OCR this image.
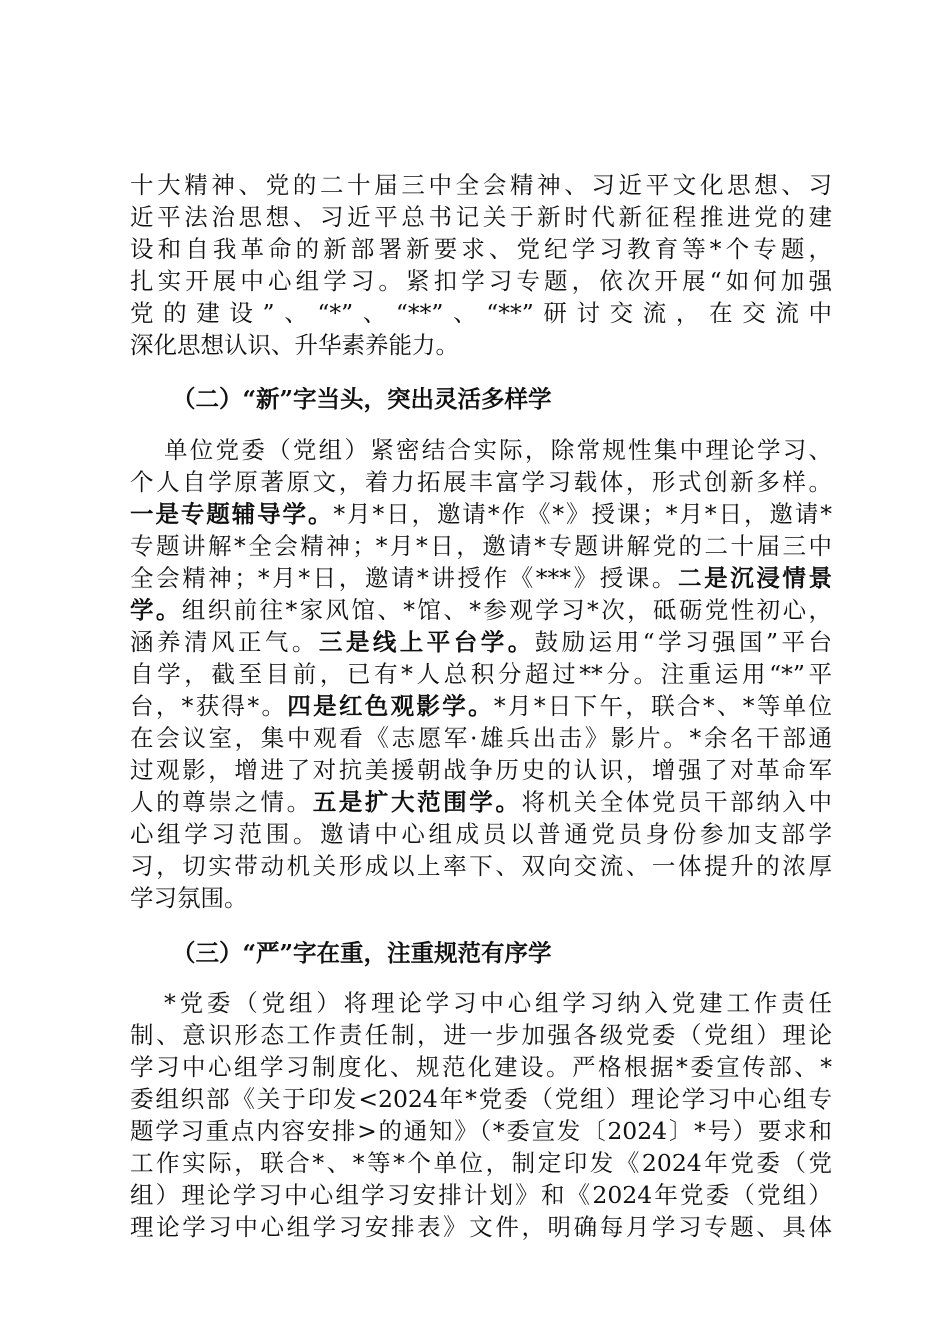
十大精神、党的二十届三中全会精神、习近平文化思想、习
近平法治思想、习近平总书记关于新时代新征程推进党的建
设和自我革命的新部署新要求、党纪学习教育等*个专题，
扎实开展中心组学习。紧扣学习专题，依次开展“如何加强
党的建设”、“*”、“**”、“**”研讨交流，在交流中
深化思想认识、升华素养能力。
（二）“新”字当头，突出灵活多样学
单位党委（党组）紧密结合实际，除常规性集中理论学习、
个人自学原著原文，着力拓展丰富学习载体，形式创新多样。
一是专题辅导学。*月*日，邀请*作《*》授课；*月*日，邀请*
专题讲解*全会精神；*月*日，邀请*专题讲解党的二十届三中
全会精神；*月*日，邀请*讲授作《***》授课。二是沉浸情景
学。组织前往*家风馆、*馆、*参观学习*次，砥砺党性初心，
涵养清风正气。三是线上平台学。鼓励运用“学习强国”平台
自学，截至目前，已有*人总积分超过**分。注重运用“*”平
台，*获得*。四是红色观影学。*月*日下午，联合*、*等单位
在会议室，集中观看《志愿军·雄兵出击》影片。*余名干部通
过观影，增进了对抗美援朝战争历史的认识，增强了对革命军
人的尊崇之情。五是扩大范围学。将机关全体党员干部纳入中
心组学习范围。邀请中心组成员以普通党员身份参加支部学
习，切实带动机关形成以上率下、双向交流、一体提升的浓厚
学习氛围。
（三）“严”字在重，注重规范有序学
*党委（党组）将理论学习中心组学习纳入党建工作责任
制、意识形态工作责任制，进一步加强各级党委（党组）理论
学习中心组学习制度化、规范化建设。严格根据*委宣传部、*
委组织部《关于印发<2024年*党委（党组）理论学习中心组专
题学习重点内容安排>的通知》（*委宣发〔2024〕*号）要求和
工作实际，联合*、*等*个单位，制定印发《2024年党委（党
组）理论学习中心组学习安排计划》和《2024年党委（党组）
理论学习中心组学习安排表》文件，明确每月学习专题、具体
